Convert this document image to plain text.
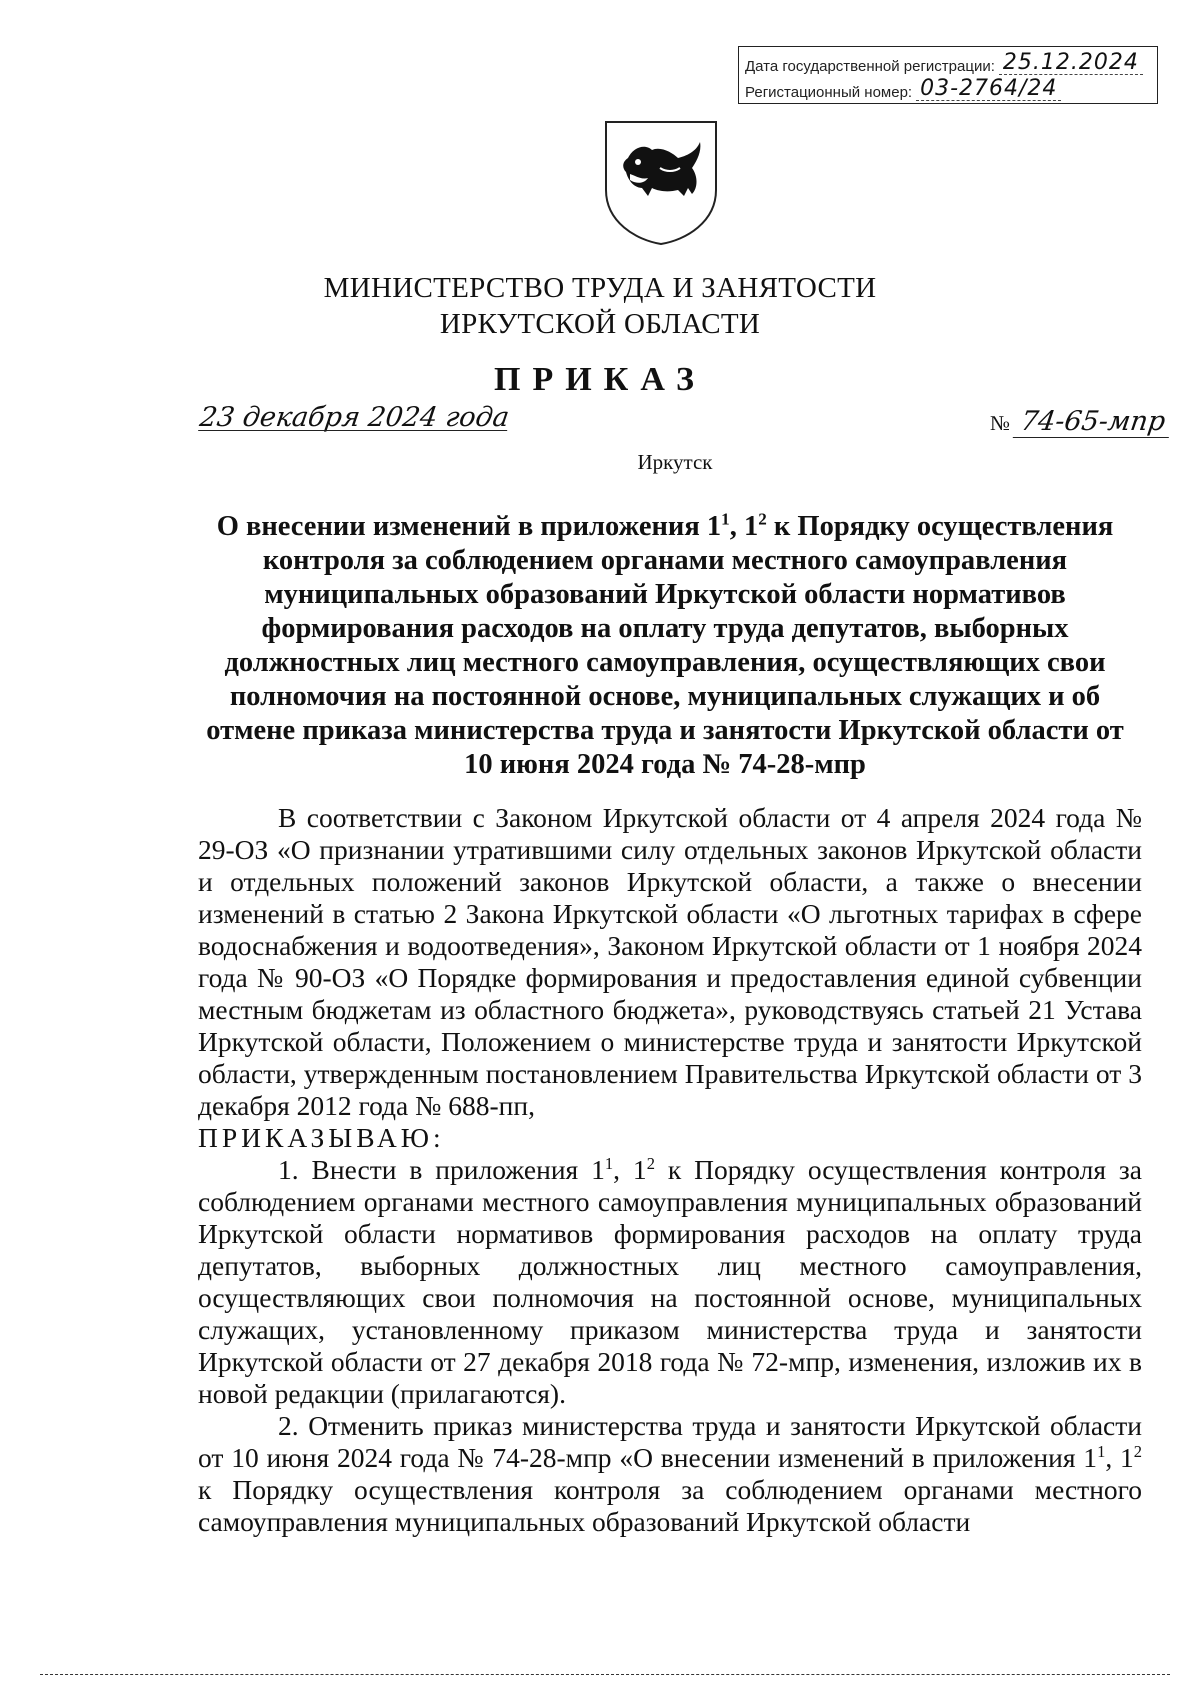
Дата государственной регистрации: 25.12.2024
Регистационный номер: 03-2764/24
МИНИСТЕРСТВО ТРУДА И ЗАНЯТОСТИ
ИРКУТСКОЙ ОБЛАСТИ
ПРИКАЗ
23 декабря 2024 года	№ 74-65-мпр
Иркутск
О внесении изменений в приложения $1^1$, $1^2$ к Порядку осуществления контроля за соблюдением органами местного самоуправления муниципальных образований Иркутской области нормативов формирования расходов на оплату труда депутатов, выборных должностных лиц местного самоуправления, осуществляющих свои полномочия на постоянной основе, муниципальных служащих и об отмене приказа министерства труда и занятости Иркутской области от 10 июня 2024 года № 74-28-мпр

В соответствии с Законом Иркутской области от 4 апреля 2024 года № 29-ОЗ «О признании утратившими силу отдельных законов Иркутской области и отдельных положений законов Иркутской области, а также о внесении изменений в статью 2 Закона Иркутской области «О льготных тарифах в сфере водоснабжения и водоотведения», Законом Иркутской области от 1 ноября 2024 года № 90-ОЗ «О Порядке формирования и предоставления единой субвенции местным бюджетам из областного бюджета», руководствуясь статьей 21 Устава Иркутской области, Положением о министерстве труда и занятости Иркутской области, утвержденным постановлением Правительства Иркутской области от 3 декабря 2012 года № 688-пп,

ПРИКАЗЫВАЮ:

1. Внести в приложения $1^1$, $1^2$ к Порядку осуществления контроля за соблюдением органами местного самоуправления муниципальных образований Иркутской области нормативов формирования расходов на оплату труда депутатов, выборных должностных лиц местного самоуправления, осуществляющих свои полномочия на постоянной основе, муниципальных служащих, установленному приказом министерства труда и занятости Иркутской области от 27 декабря 2018 года № 72-мпр, изменения, изложив их в новой редакции (прилагаются).

2. Отменить приказ министерства труда и занятости Иркутской области от 10 июня 2024 года № 74-28-мпр «О внесении изменений в приложения $1^1$, $1^2$ к Порядку осуществления контроля за соблюдением органами местного самоуправления муниципальных образований Иркутской области
